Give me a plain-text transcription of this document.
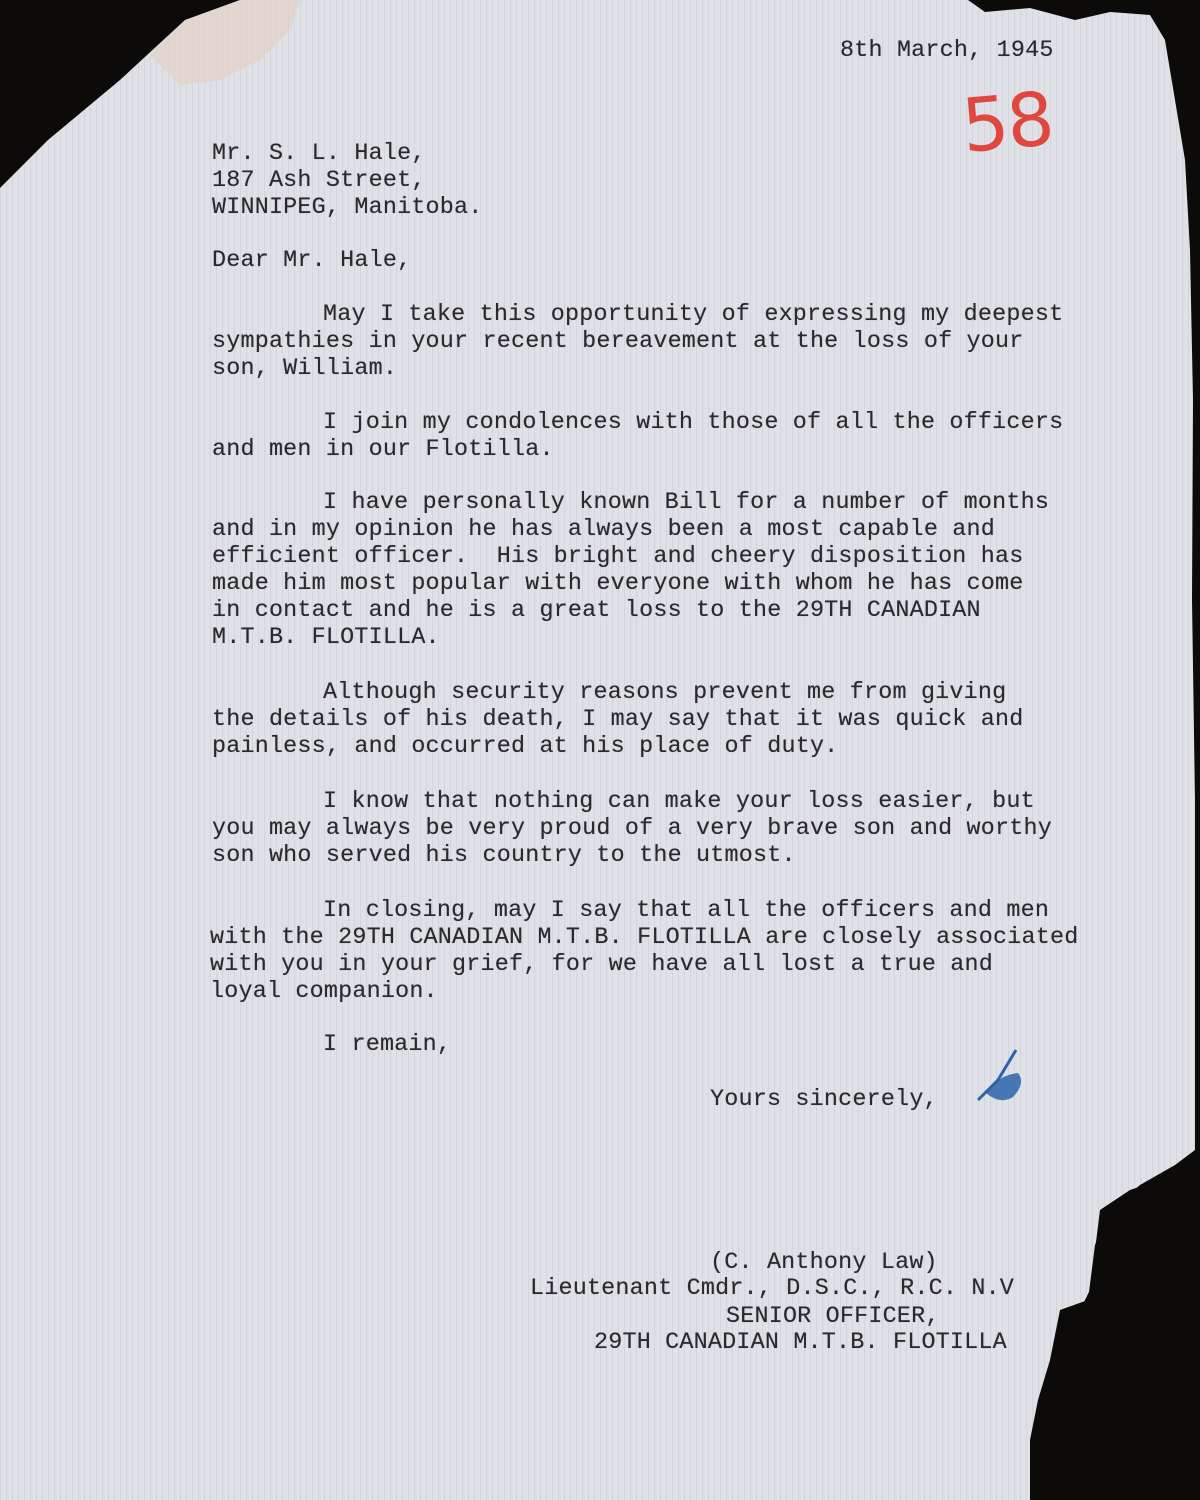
58
8th March, 1945
Mr. S. L. Hale,
187 Ash Street,
WINNIPEG, Manitoba.
Dear Mr. Hale,
May I take this opportunity of expressing my deepest
sympathies in your recent bereavement at the loss of your
son, William.
I join my condolences with those of all the officers
and men in our Flotilla.
I have personally known Bill for a number of months
and in my opinion he has always been a most capable and
efficient officer.  His bright and cheery disposition has
made him most popular with everyone with whom he has come
in contact and he is a great loss to the 29TH CANADIAN
M.T.B. FLOTILLA.
Although security reasons prevent me from giving
the details of his death, I may say that it was quick and
painless, and occurred at his place of duty.
I know that nothing can make your loss easier, but
you may always be very proud of a very brave son and worthy
son who served his country to the utmost.
In closing, may I say that all the officers and men
with the 29TH CANADIAN M.T.B. FLOTILLA are closely associated
with you in your grief, for we have all lost a true and
loyal companion.
I remain,
Yours sincerely,
(C. Anthony Law)
Lieutenant Cmdr., D.S.C., R.C. N.V
SENIOR OFFICER,
29TH CANADIAN M.T.B. FLOTILLA
